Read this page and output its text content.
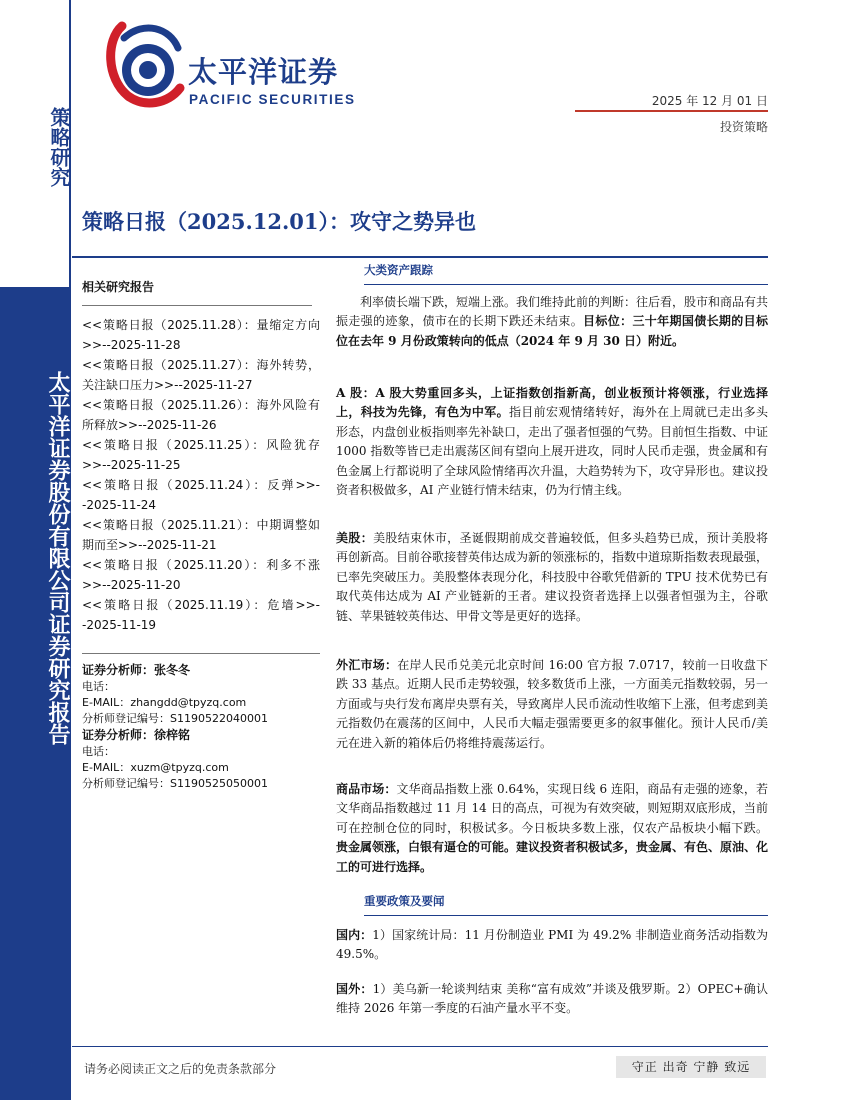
策略研究
太平洋证券股份有限公司证券研究报告
太平洋证券
PACIFIC SECURITIES	2025 年 12 月 01 日
投资策略
策略日报（2025.12.01）：攻守之势异也
相关研究报告
<<策略日报（2025.11.28）：量缩定方向>>--2025-11-28
<<策略日报（2025.11.27）：海外转势，关注缺口压力>>--2025-11-27
<<策略日报（2025.11.26）：海外风险有所释放>>--2025-11-26
<<策略日报（2025.11.25）：风险犹存>>--2025-11-25
<<策略日报（2025.11.24）：反弹>>--2025-11-24
<<策略日报（2025.11.21）：中期调整如期而至>>--2025-11-21
<<策略日报（2025.11.20）：利多不涨>>--2025-11-20
<<策略日报（2025.11.19）：危墙>>--2025-11-19
证券分析师：张冬冬
电话：
E-MAIL：zhangdd@tpyzq.com
分析师登记编号：S1190522040001
证券分析师：徐梓铭
电话：
E-MAIL：xuzm@tpyzq.com
分析师登记编号：S1190525050001
大类资产跟踪
利率债长端下跌，短端上涨。我们维持此前的判断：往后看，股市和商品有共振走强的迹象，债市在的长期下跌还未结束。目标位：三十年期国债长期的目标位在去年 9 月份政策转向的低点（2024 年 9 月 30 日）附近。
A 股：A 股大势重回多头，上证指数创指新高，创业板预计将领涨，行业选择上，科技为先锋，有色为中军。指目前宏观情绪转好，海外在上周就已走出多头形态，内盘创业板指则率先补缺口，走出了强者恒强的气势。目前恒生指数、中证 1000 指数等皆已走出震荡区间有望向上展开进攻，同时人民币走强，贵金属和有色金属上行都说明了全球风险情绪再次升温，大趋势转为下，攻守异形也。建议投资者积极做多，AI 产业链行情未结束，仍为行情主线。
美股：美股结束休市，圣诞假期前成交普遍较低，但多头趋势已成，预计美股将再创新高。目前谷歌接替英伟达成为新的领涨标的，指数中道琼斯指数表现最强，已率先突破压力。美股整体表现分化，科技股中谷歌凭借新的 TPU 技术优势已有取代英伟达成为 AI 产业链新的王者。建议投资者选择上以强者恒强为主，谷歌链、苹果链较英伟达、甲骨文等是更好的选择。
外汇市场：在岸人民币兑美元北京时间 16:00 官方报 7.0717，较前一日收盘下跌 33 基点。近期人民币走势较强，较多数货币上涨，一方面美元指数较弱，另一方面或与央行发布离岸央票有关，导致离岸人民币流动性收缩下上涨，但考虑到美元指数仍在震荡的区间中，人民币大幅走强需要更多的叙事催化。预计人民币/美元在进入新的箱体后仍将维持震荡运行。
商品市场：文华商品指数上涨 0.64%，实现日线 6 连阳，商品有走强的迹象，若文华商品指数越过 11 月 14 日的高点，可视为有效突破，则短期双底形成，当前可在控制仓位的同时，积极试多。今日板块多数上涨，仅农产品板块小幅下跌。贵金属领涨，白银有逼仓的可能。建议投资者积极试多，贵金属、有色、原油、化工的可进行选择。
重要政策及要闻
国内：1）国家统计局：11 月份制造业 PMI 为 49.2% 非制造业商务活动指数为 49.5%。
国外：1）美乌新一轮谈判结束 美称“富有成效”并谈及俄罗斯。2）OPEC+确认维持 2026 年第一季度的石油产量水平不变。
请务必阅读正文之后的免责条款部分	守正 出奇 宁静 致远
